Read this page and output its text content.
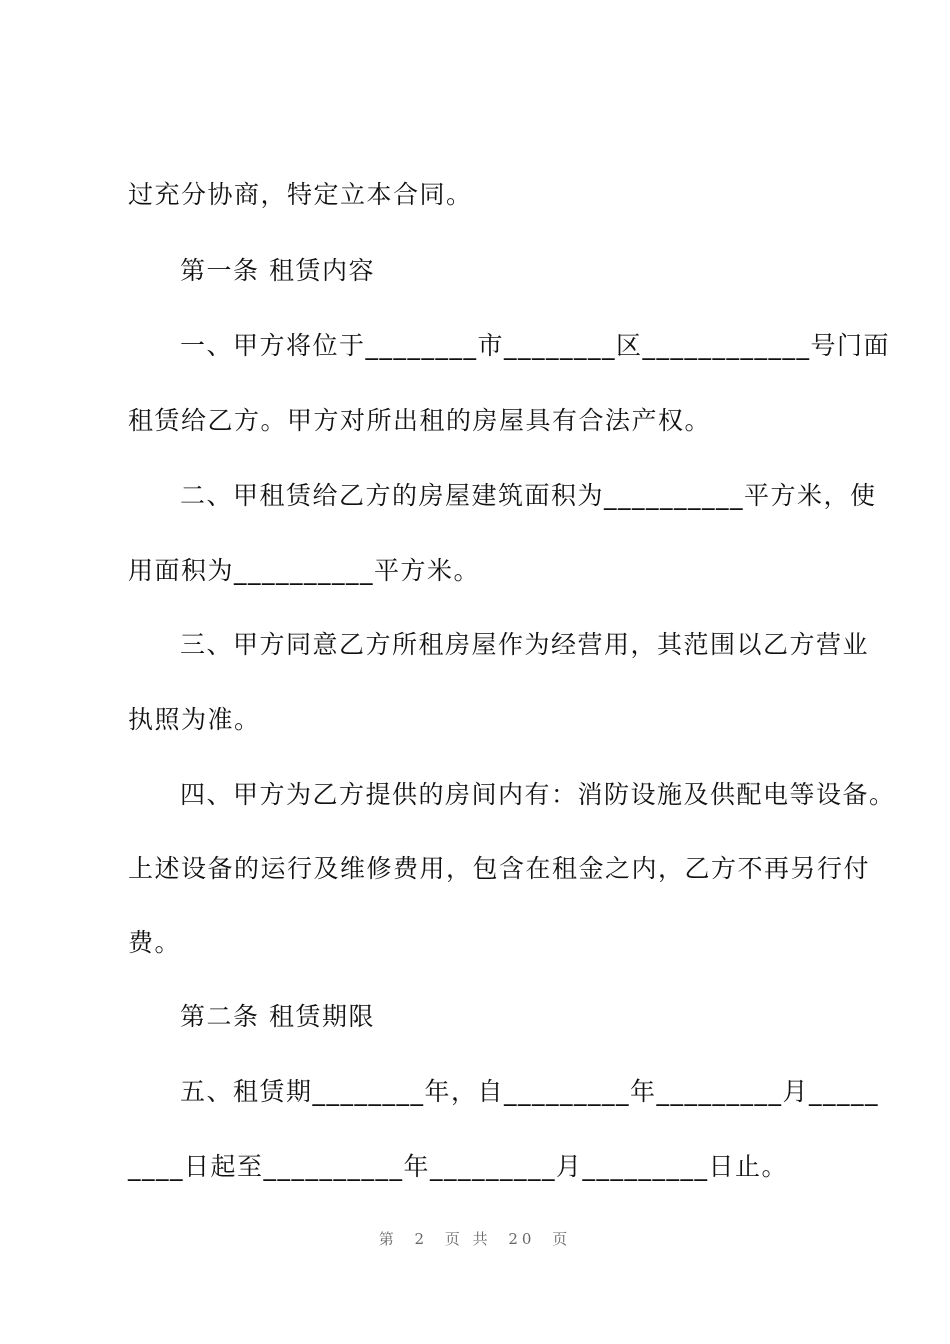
过充分协商，特定立本合同。
第一条 租赁内容
一、甲方将位于________市________区____________号门面
租赁给乙方。甲方对所出租的房屋具有合法产权。
二、甲租赁给乙方的房屋建筑面积为__________平方米，使
用面积为__________平方米。
三、甲方同意乙方所租房屋作为经营用，其范围以乙方营业
执照为准。
四、甲方为乙方提供的房间内有：消防设施及供配电等设备。
上述设备的运行及维修费用，包含在租金之内，乙方不再另行付
费。
第二条 租赁期限
五、租赁期________年，自_________年_________月_____
____日起至__________年_________月_________日止。
第 2 页 共 20 页
